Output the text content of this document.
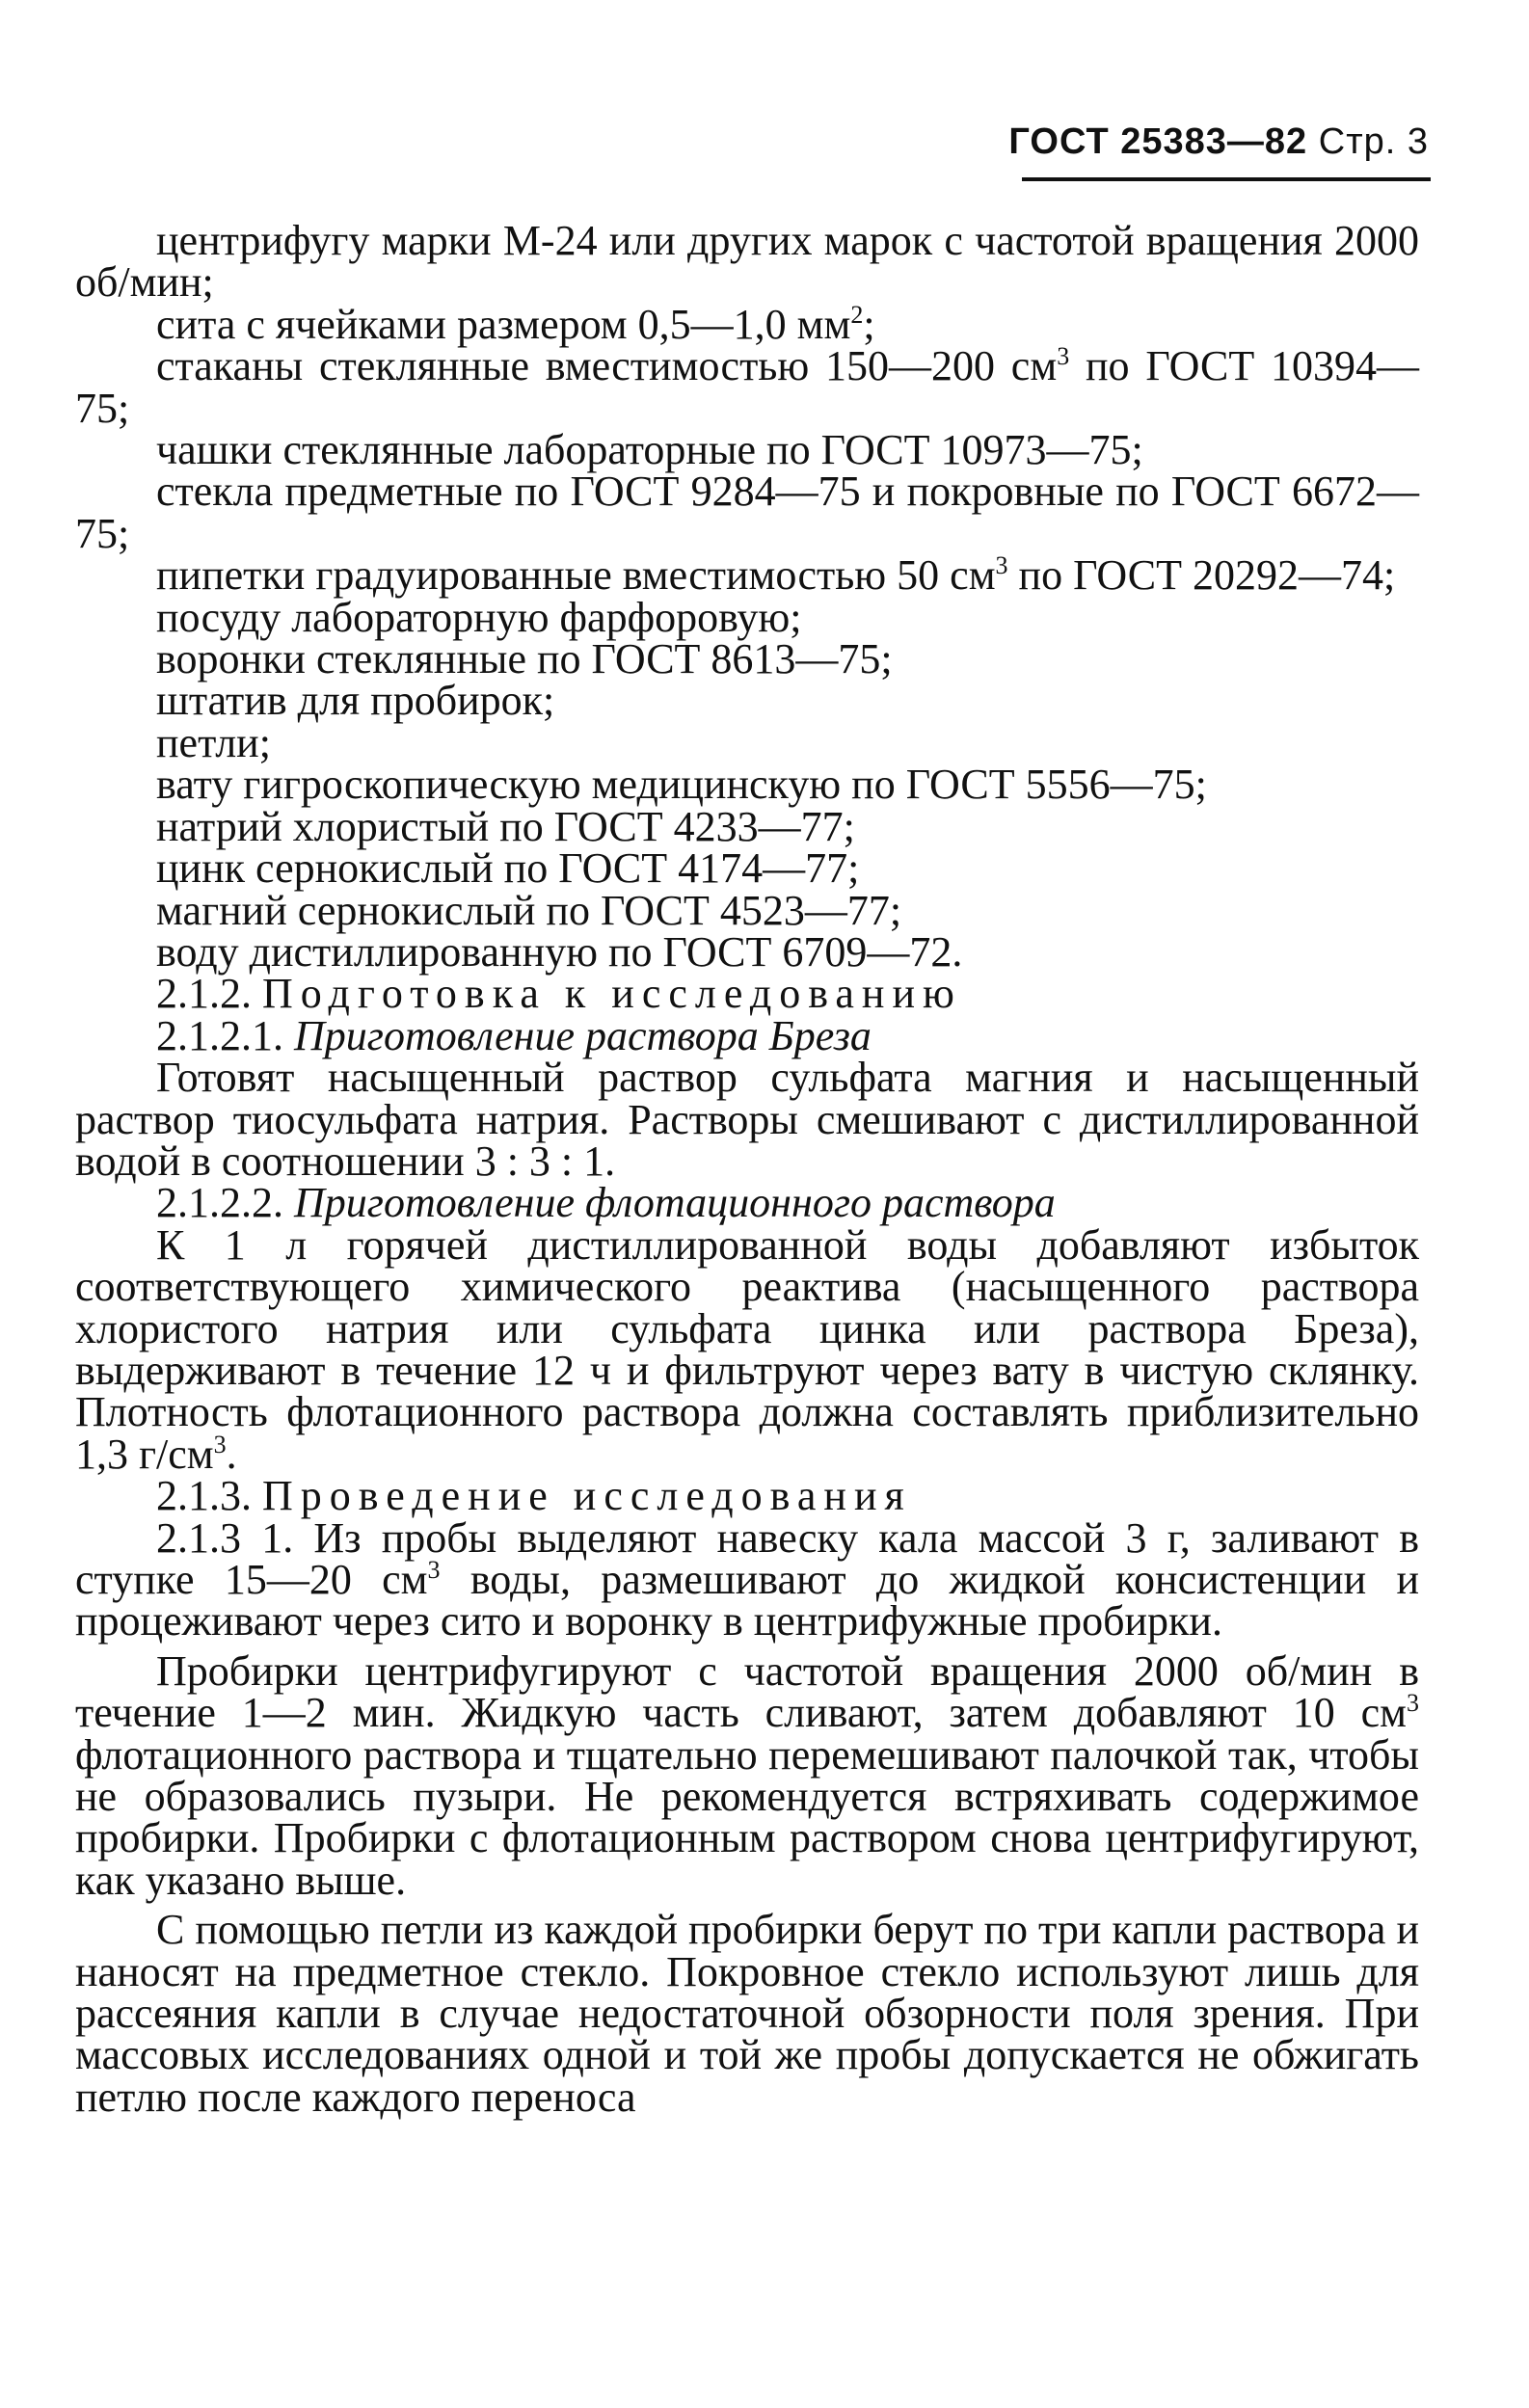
ГОСТ 25383—82 Стр. 3

центрифугу марки М-24 или других марок с частотой вращения 2000 об/мин;

сита с ячейками размером 0,5—1,0 $мм^2$;

стаканы стеклянные вместимостью 150—200 $см^3$ по ГОСТ 10394—75;

чашки стеклянные лабораторные по ГОСТ 10973—75;

стекла предметные по ГОСТ 9284—75 и покровные по ГОСТ 6672—75;

пипетки градуированные вместимостью 50 $см^3$ по ГОСТ 20292—74;

посуду лабораторную фарфоровую;

воронки стеклянные по ГОСТ 8613—75;

штатив для пробирок;

петли;

вату гигроскопическую медицинскую по ГОСТ 5556—75;

натрий хлористый по ГОСТ 4233—77;

цинк сернокислый по ГОСТ 4174—77;

магний сернокислый по ГОСТ 4523—77;

воду дистиллированную по ГОСТ 6709—72.

2.1.2. Подготовка к исследованию

2.1.2.1. Приготовление раствора Бреза

Готовят насыщенный раствор сульфата магния и насыщенный раствор тиосульфата натрия. Растворы смешивают с дистиллированной водой в соотношении 3 : 3 : 1.

2.1.2.2. Приготовление флотационного раствора

К 1 л горячей дистиллированной воды добавляют избыток соответствующего химического реактива (насыщенного раствора хлористого натрия или сульфата цинка или раствора Бреза), выдерживают в течение 12 ч и фильтруют через вату в чистую склянку. Плотность флотационного раствора должна составлять приблизительно 1,3 $г/см^3$.

2.1.3. Проведение исследования

2.1.3 1. Из пробы выделяют навеску кала массой 3 г, заливают в ступке 15—20 $см^3$ воды, размешивают до жидкой консистенции и процеживают через сито и воронку в центрифужные пробирки.

Пробирки центрифугируют с частотой вращения 2000 об/мин в течение 1—2 мин. Жидкую часть сливают, затем добавляют 10 $см^3$ флотационного раствора и тщательно перемешивают палочкой так, чтобы не образовались пузыри. Не рекомендуется встряхивать содержимое пробирки. Пробирки с флотационным раствором снова центрифугируют, как указано выше.

С помощью петли из каждой пробирки берут по три капли раствора и наносят на предметное стекло. Покровное стекло используют лишь для рассеяния капли в случае недостаточной обзорности поля зрения. При массовых исследованиях одной и той же пробы допускается не обжигать петлю после каждого переноса
